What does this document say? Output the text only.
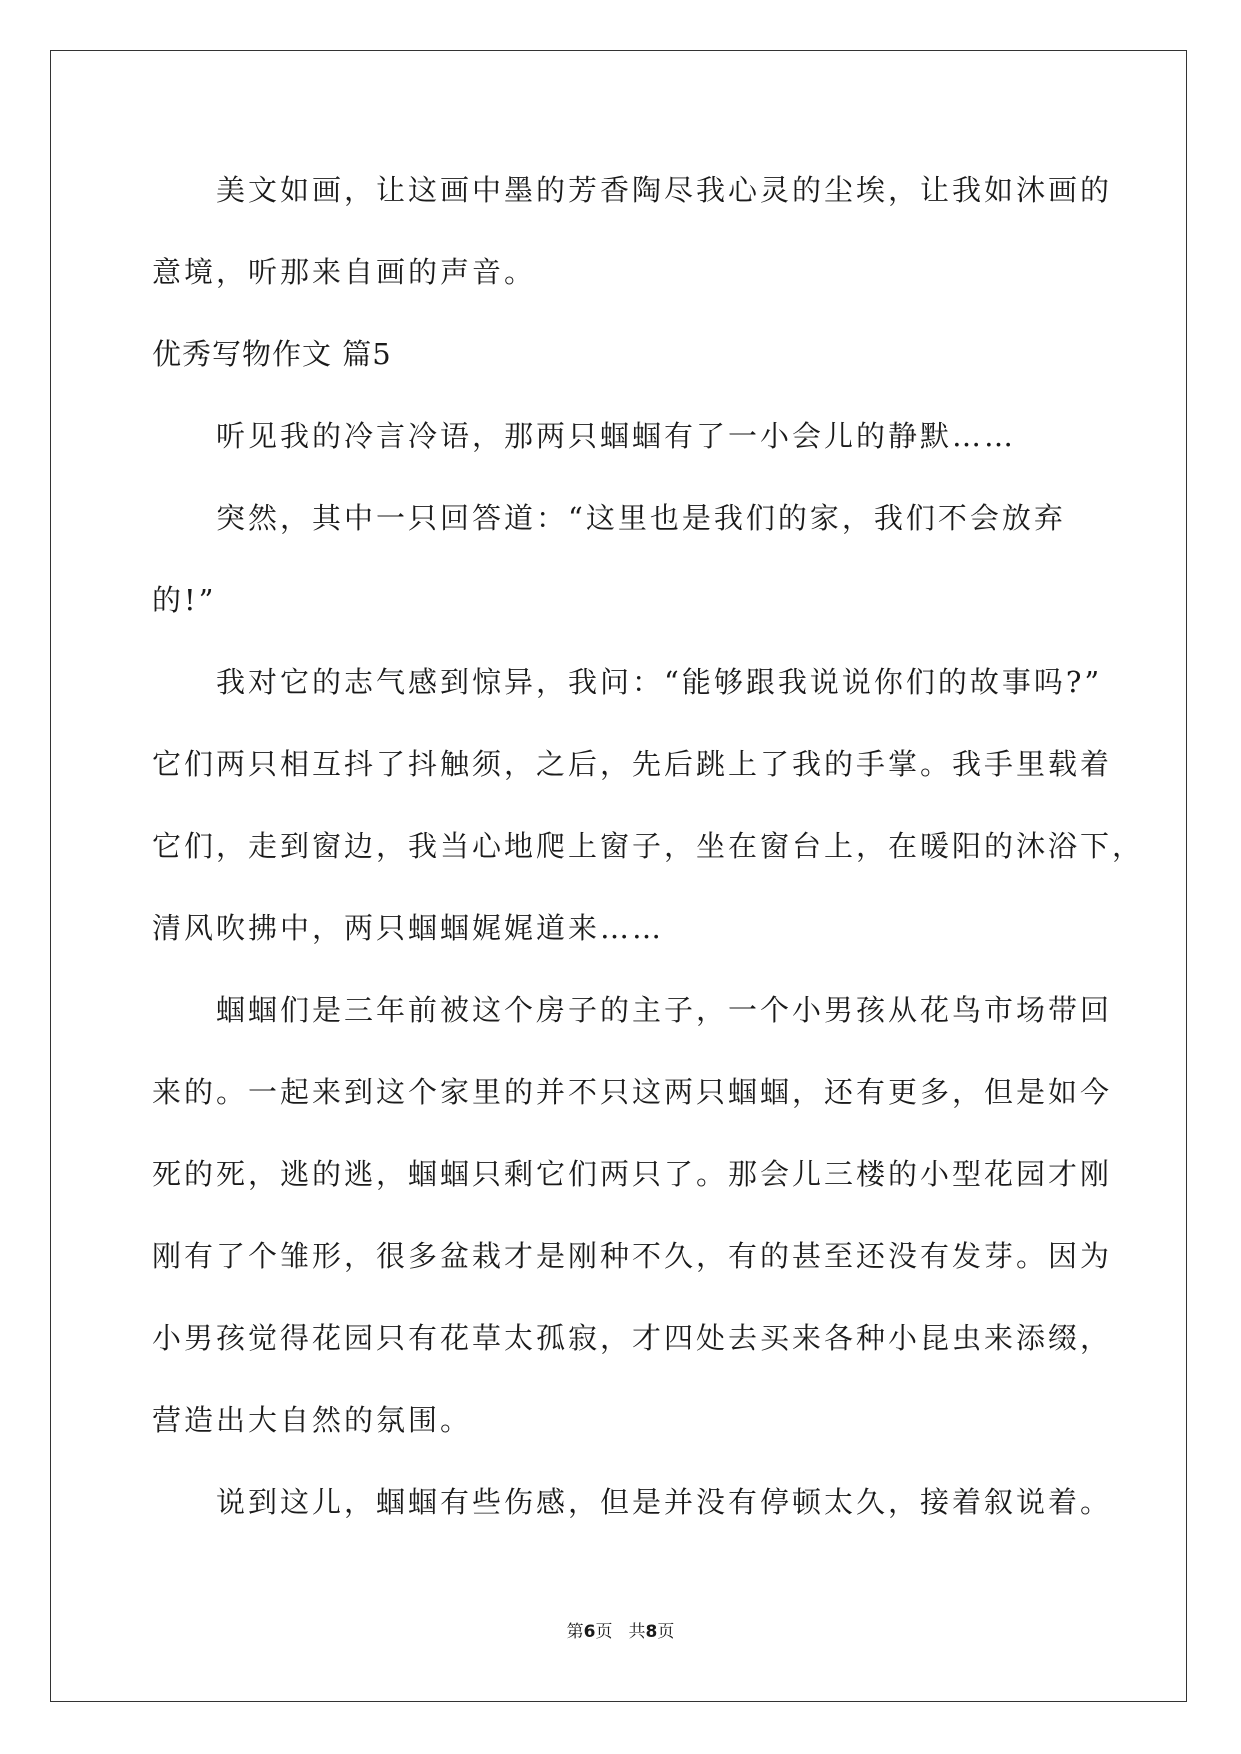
美文如画，让这画中墨的芳香陶尽我心灵的尘埃，让我如沐画的
意境，听那来自画的声音。
优秀写物作文 篇5
听见我的冷言冷语，那两只蝈蝈有了一小会儿的静默……
突然，其中一只回答道：“这里也是我们的家，我们不会放弃
的!”
我对它的志气感到惊异，我问：“能够跟我说说你们的故事吗?”
它们两只相互抖了抖触须，之后，先后跳上了我的手掌。我手里载着
它们，走到窗边，我当心地爬上窗子，坐在窗台上，在暖阳的沐浴下，
清风吹拂中，两只蝈蝈娓娓道来……
蝈蝈们是三年前被这个房子的主子，一个小男孩从花鸟市场带回
来的。一起来到这个家里的并不只这两只蝈蝈，还有更多，但是如今
死的死，逃的逃，蝈蝈只剩它们两只了。那会儿三楼的小型花园才刚
刚有了个雏形，很多盆栽才是刚种不久，有的甚至还没有发芽。因为
小男孩觉得花园只有花草太孤寂，才四处去买来各种小昆虫来添缀，
营造出大自然的氛围。
说到这儿，蝈蝈有些伤感，但是并没有停顿太久，接着叙说着。
第6页 共8页
